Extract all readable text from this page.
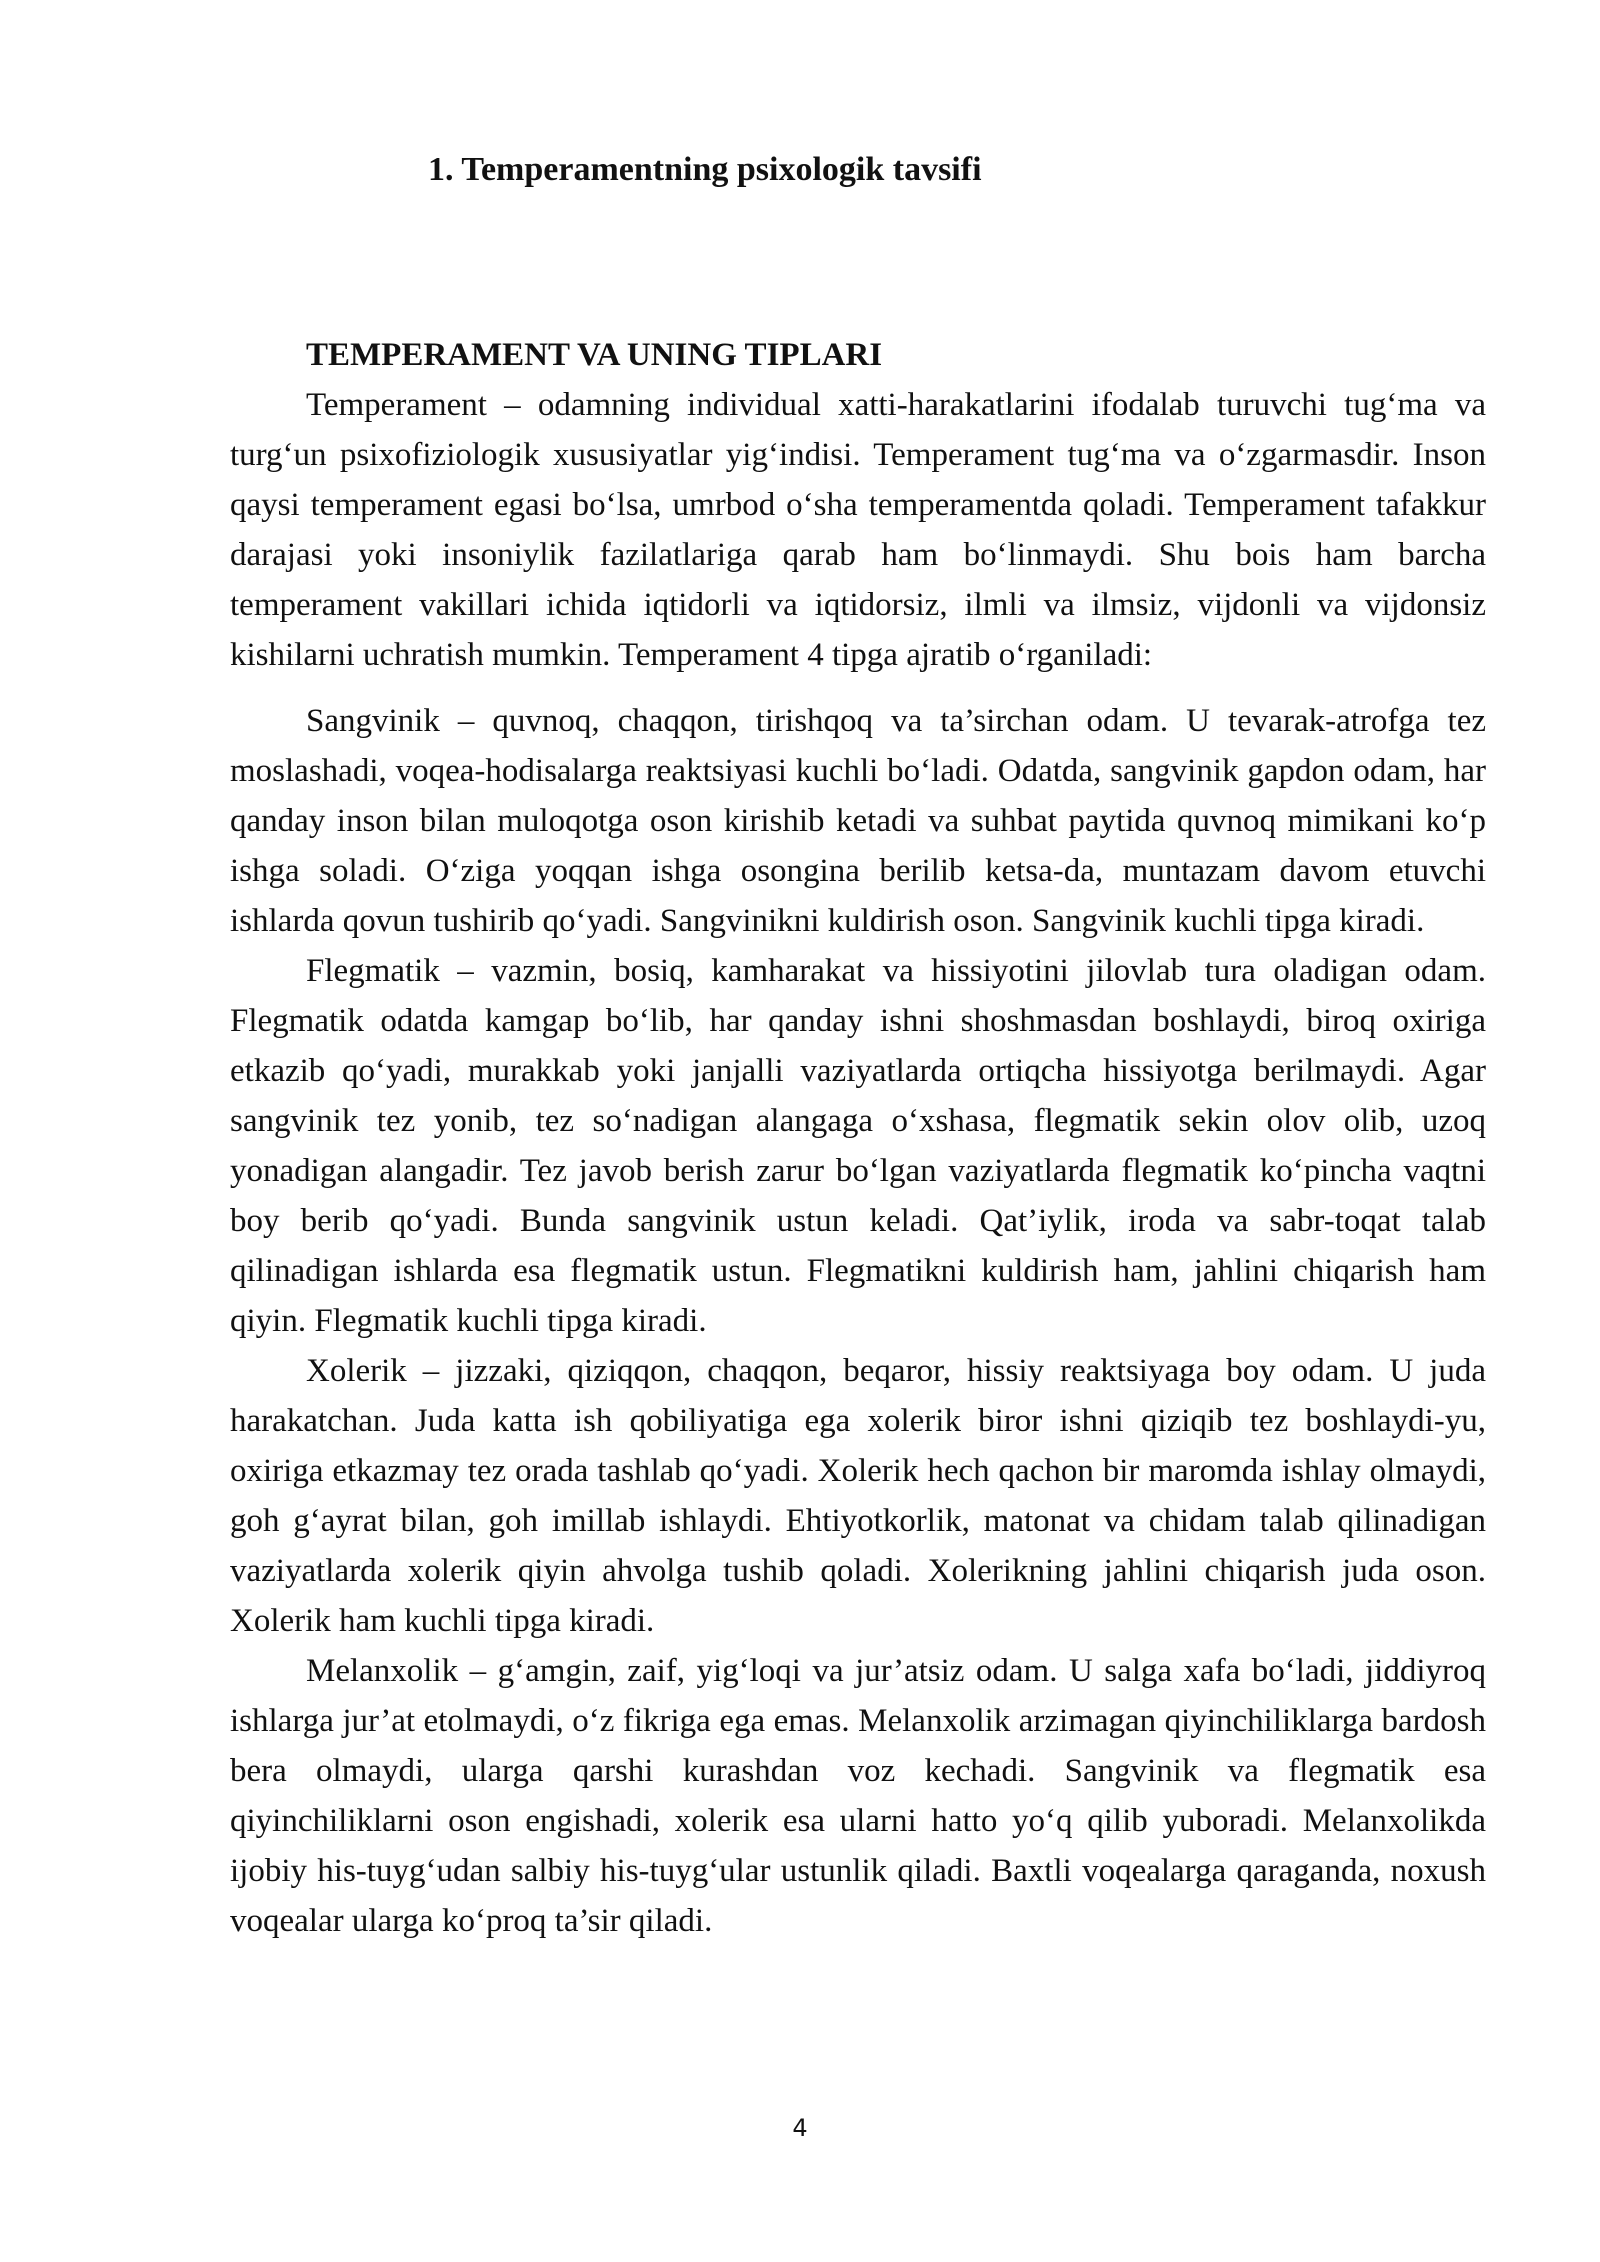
1. Temperamentning psixologik tavsifi
TEMPERAMENT VA UNING TIPLARI

Temperament – odamning individual xatti-harakatlarini ifodalab turuvchi tug‘ma va turg‘un psixofiziologik xususiyatlar yig‘indisi. Temperament tug‘ma va o‘zgarmasdir. Inson qaysi temperament egasi bo‘lsa, umrbod o‘sha temperamentda qoladi. Temperament tafakkur darajasi yoki insoniylik fazilatlariga qarab ham bo‘linmaydi. Shu bois ham barcha temperament vakillari ichida iqtidorli va iqtidorsiz, ilmli va ilmsiz, vijdonli va vijdonsiz kishilarni uchratish mumkin. Temperament 4 tipga ajratib o‘rganiladi:

Sangvinik – quvnoq, chaqqon, tirishqoq va ta’sirchan odam. U tevarak-atrofga tez moslashadi, voqea-hodisalarga reaktsiyasi kuchli bo‘ladi. Odatda, sangvinik gapdon odam, har qanday inson bilan muloqotga oson kirishib ketadi va suhbat paytida quvnoq mimikani ko‘p ishga soladi. O‘ziga yoqqan ishga osongina berilib ketsa-da, muntazam davom etuvchi ishlarda qovun tushirib qo‘yadi. Sangvinikni kuldirish oson. Sangvinik kuchli tipga kiradi.

Flegmatik – vazmin, bosiq, kamharakat va hissiyotini jilovlab tura oladigan odam. Flegmatik odatda kamgap bo‘lib, har qanday ishni shoshmasdan boshlaydi, biroq oxiriga etkazib qo‘yadi, murakkab yoki janjalli vaziyatlarda ortiqcha hissiyotga berilmaydi. Agar sangvinik tez yonib, tez so‘nadigan alangaga o‘xshasa, flegmatik sekin olov olib, uzoq yonadigan alangadir. Tez javob berish zarur bo‘lgan vaziyatlarda flegmatik ko‘pincha vaqtni boy berib qo‘yadi. Bunda sangvinik ustun keladi. Qat’iylik, iroda va sabr-toqat talab qilinadigan ishlarda esa flegmatik ustun. Flegmatikni kuldirish ham, jahlini chiqarish ham qiyin. Flegmatik kuchli tipga kiradi.

Xolerik – jizzaki, qiziqqon, chaqqon, beqaror, hissiy reaktsiyaga boy odam. U juda harakatchan. Juda katta ish qobiliyatiga ega xolerik biror ishni qiziqib tez boshlaydi-yu, oxiriga etkazmay tez orada tashlab qo‘yadi. Xolerik hech qachon bir maromda ishlay olmaydi, goh g‘ayrat bilan, goh imillab ishlaydi. Ehtiyotkorlik, matonat va chidam talab qilinadigan vaziyatlarda xolerik qiyin ahvolga tushib qoladi. Xolerikning jahlini chiqarish juda oson. Xolerik ham kuchli tipga kiradi.

Melanxolik – g‘amgin, zaif, yig‘loqi va jur’atsiz odam. U salga xafa bo‘ladi, jiddiyroq ishlarga jur’at etolmaydi, o‘z fikriga ega emas. Melanxolik arzimagan qiyinchiliklarga bardosh bera olmaydi, ularga qarshi kurashdan voz kechadi. Sangvinik va flegmatik esa qiyinchiliklarni oson engishadi, xolerik esa ularni hatto yo‘q qilib yuboradi. Melanxolikda ijobiy his-tuyg‘udan salbiy his-tuyg‘ular ustunlik qiladi. Baxtli voqealarga qaraganda, noxush voqealar ularga ko‘proq ta’sir qiladi.

4
